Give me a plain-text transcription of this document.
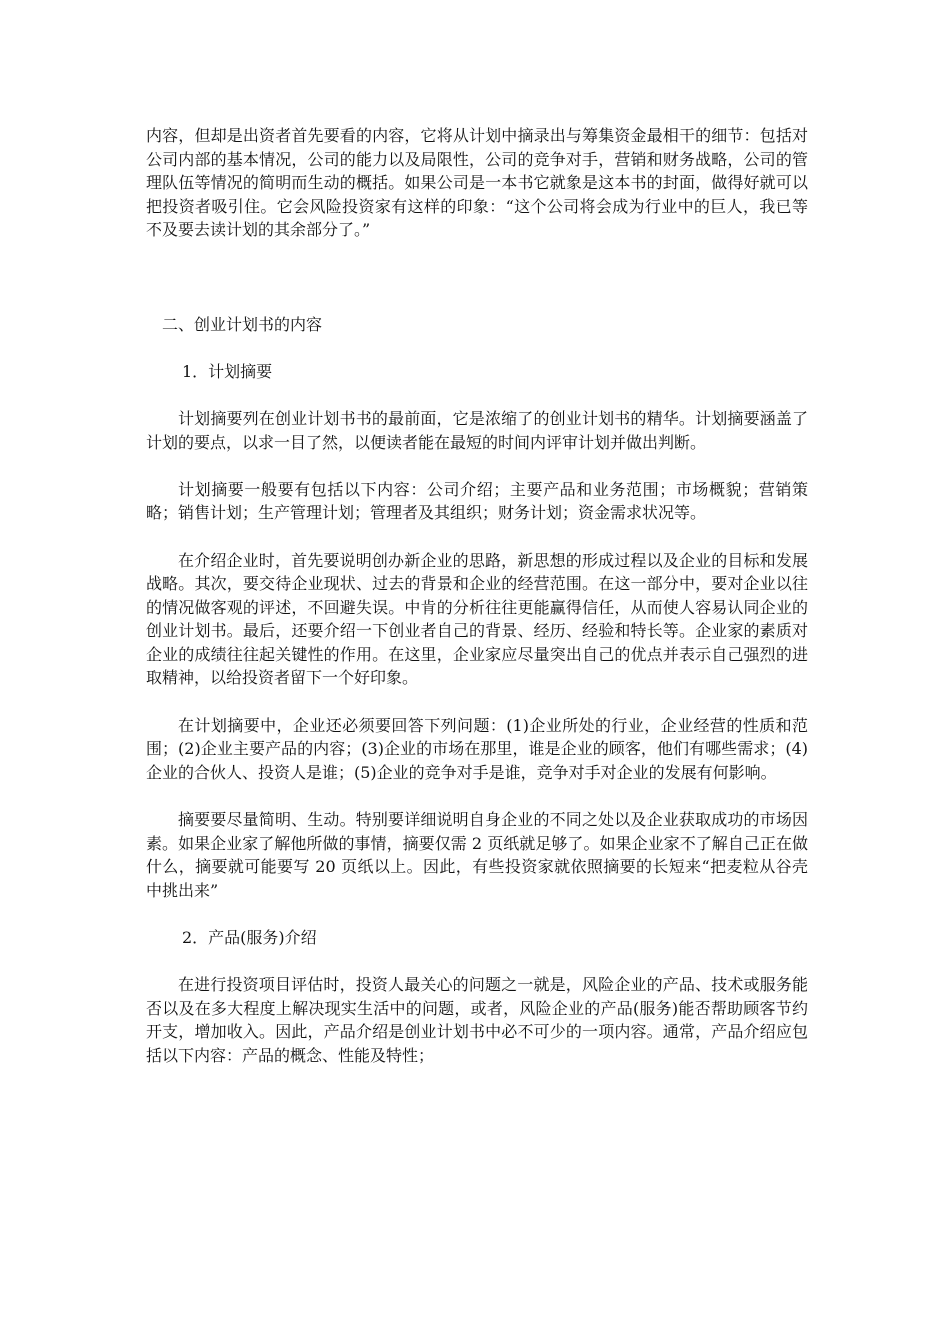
内容，但却是出资者首先要看的内容，它将从计划中摘录出与筹集资金最相干的细节：包括对公司内部的基本情况，公司的能力以及局限性，公司的竞争对手，营销和财务战略，公司的管理队伍等情况的简明而生动的概括。如果公司是一本书它就象是这本书的封面，做得好就可以把投资者吸引住。它会风险投资家有这样的印象：“这个公司将会成为行业中的巨人，我已等不及要去读计划的其余部分了。”

二、创业计划书的内容

1．计划摘要

计划摘要列在创业计划书书的最前面，它是浓缩了的创业计划书的精华。计划摘要涵盖了计划的要点，以求一目了然，以便读者能在最短的时间内评审计划并做出判断。

计划摘要一般要有包括以下内容：公司介绍；主要产品和业务范围；市场概貌；营销策略；销售计划；生产管理计划；管理者及其组织；财务计划；资金需求状况等。

在介绍企业时，首先要说明创办新企业的思路，新思想的形成过程以及企业的目标和发展战略。其次，要交待企业现状、过去的背景和企业的经营范围。在这一部分中，要对企业以往的情况做客观的评述，不回避失误。中肯的分析往往更能赢得信任，从而使人容易认同企业的创业计划书。最后，还要介绍一下创业者自己的背景、经历、经验和特长等。企业家的素质对企业的成绩往往起关键性的作用。在这里，企业家应尽量突出自己的优点并表示自己强烈的进取精神，以给投资者留下一个好印象。

在计划摘要中，企业还必须要回答下列问题：(1)企业所处的行业，企业经营的性质和范围；(2)企业主要产品的内容；(3)企业的市场在那里，谁是企业的顾客，他们有哪些需求；(4)企业的合伙人、投资人是谁；(5)企业的竞争对手是谁，竞争对手对企业的发展有何影响。

摘要要尽量简明、生动。特别要详细说明自身企业的不同之处以及企业获取成功的市场因素。如果企业家了解他所做的事情，摘要仅需 2 页纸就足够了。如果企业家不了解自己正在做什么，摘要就可能要写 20 页纸以上。因此，有些投资家就依照摘要的长短来“把麦粒从谷壳中挑出来”

2．产品(服务)介绍

在进行投资项目评估时，投资人最关心的问题之一就是，风险企业的产品、技术或服务能否以及在多大程度上解决现实生活中的问题，或者，风险企业的产品(服务)能否帮助顾客节约开支，增加收入。因此，产品介绍是创业计划书中必不可少的一项内容。通常，产品介绍应包括以下内容：产品的概念、性能及特性；
